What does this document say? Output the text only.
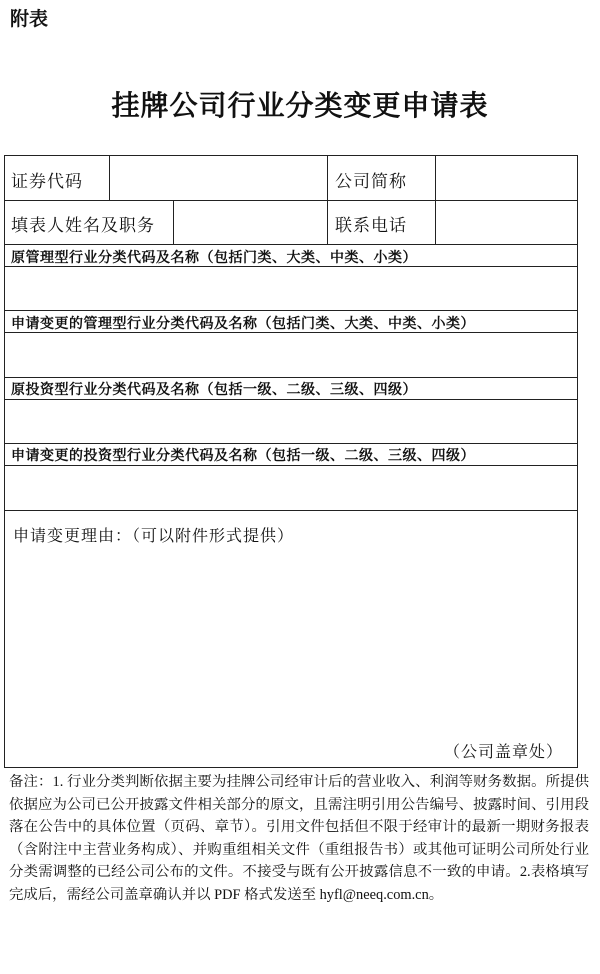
附表
挂牌公司行业分类变更申请表
证券代码	公司简称
填表人姓名及职务	联系电话
原管理型行业分类代码及名称（包括门类、大类、中类、小类）
申请变更的管理型行业分类代码及名称（包括门类、大类、中类、小类）
原投资型行业分类代码及名称（包括一级、二级、三级、四级）
申请变更的投资型行业分类代码及名称（包括一级、二级、三级、四级）
申请变更理由：（可以附件形式提供）
（公司盖章处）
备注：1. 行业分类判断依据主要为挂牌公司经审计后的营业收入、利润等财务数据。所提供依据应为公司已公开披露文件相关部分的原文，且需注明引用公告编号、披露时间、引用段落在公告中的具体位置（页码、章节）。引用文件包括但不限于经审计的最新一期财务报表（含附注中主营业务构成）、并购重组相关文件（重组报告书）或其他可证明公司所处行业分类需调整的已经公司公布的文件。不接受与既有公开披露信息不一致的申请。2.表格填写完成后，需经公司盖章确认并以 PDF 格式发送至 hyfl@neeq.com.cn。
